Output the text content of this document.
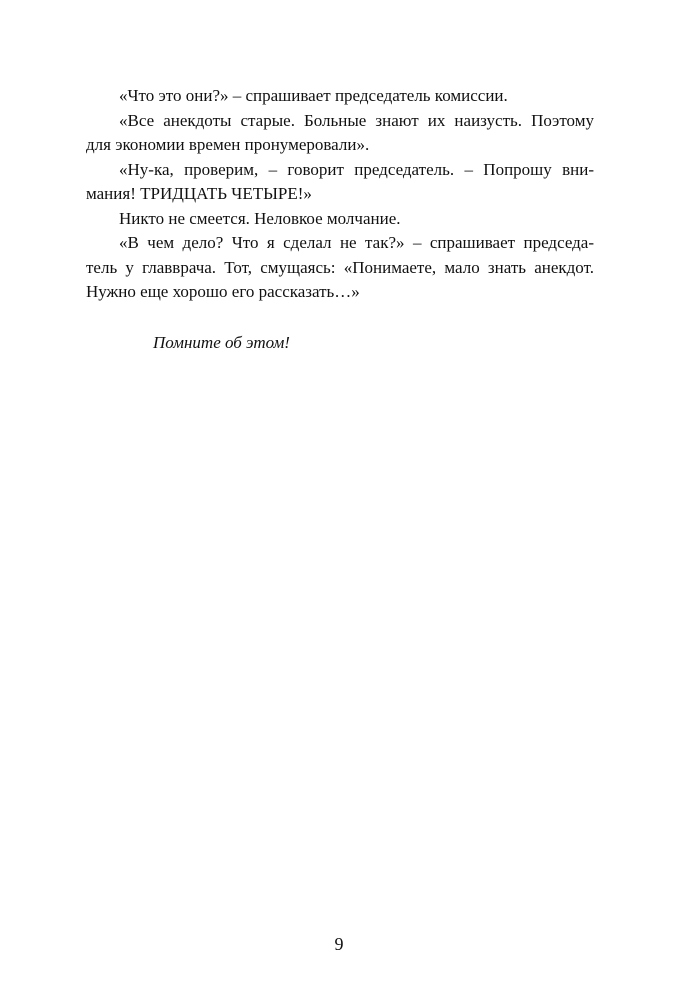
«Что это они?» – спрашивает председатель комиссии.

«Все анекдоты старые. Больные знают их наизусть. Поэтому
для экономии времен пронумеровали».

«Ну-ка, проверим, – говорит председатель. – Попрошу вни-
мания! ТРИДЦАТЬ ЧЕТЫРЕ!»

Никто не смеется. Неловкое молчание.

«В чем дело? Что я сделал не так?» – спрашивает председа-
тель у главврача. Тот, смущаясь: «Понимаете, мало знать анекдот.
Нужно еще хорошо его рассказать…»

Помните об этом!
9
